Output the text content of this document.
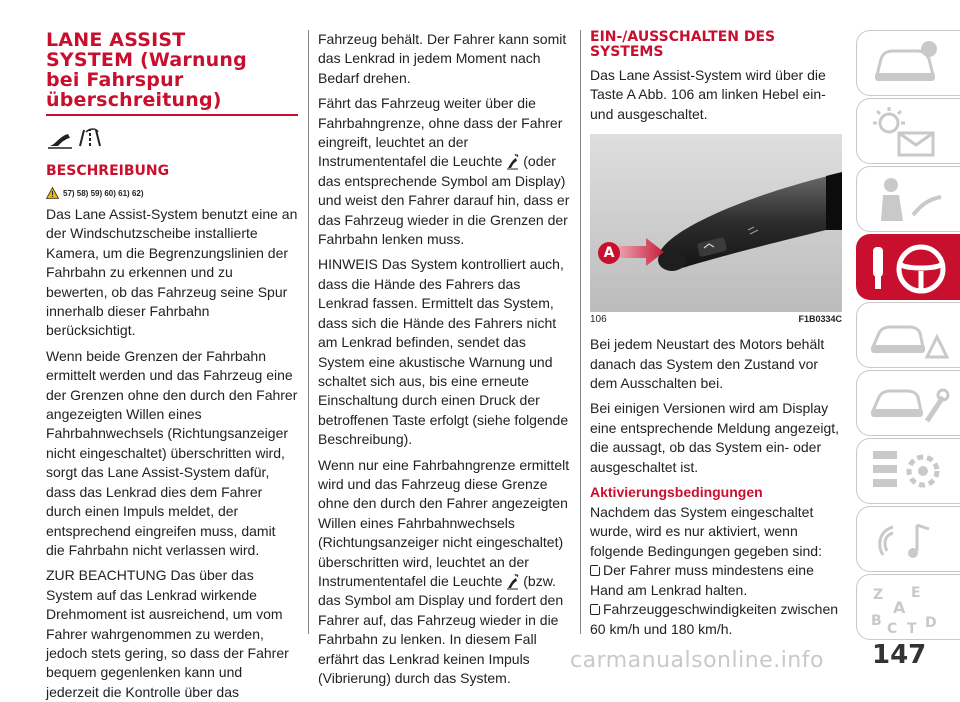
LANE ASSIST
SYSTEM (Warnung
bei Fahrspur
überschreitung)
BESCHREIBUNG
57) 58) 59) 60) 61) 62)

Das Lane Assist-System benutzt eine an der Windschutzscheibe installierte Kamera, um die Begrenzungslinien der Fahrbahn zu erkennen und zu bewerten, ob das Fahrzeug seine Spur innerhalb dieser Fahrbahn berücksichtigt.

Wenn beide Grenzen der Fahrbahn ermittelt werden und das Fahrzeug eine der Grenzen ohne den durch den Fahrer angezeigten Willen eines Fahrbahnwechsels (Richtungsanzeiger nicht eingeschaltet) überschritten wird, sorgt das Lane Assist-System dafür, dass das Lenkrad dies dem Fahrer durch einen Impuls meldet, der entsprechend eingreifen muss, damit die Fahrbahn nicht verlassen wird.

ZUR BEACHTUNG Das über das System auf das Lenkrad wirkende Drehmoment ist ausreichend, um vom Fahrer wahrgenommen zu werden, jedoch stets gering, so dass der Fahrer bequem gegenlenken kann und jederzeit die Kontrolle über das

Fahrzeug behält. Der Fahrer kann somit das Lenkrad in jedem Moment nach Bedarf drehen.

Fährt das Fahrzeug weiter über die Fahrbahngrenze, ohne dass der Fahrer eingreift, leuchtet an der Instrumententafel die Leuchte (oder das entsprechende Symbol am Display) und weist den Fahrer darauf hin, dass er das Fahrzeug wieder in die Grenzen der Fahrbahn lenken muss.

HINWEIS Das System kontrolliert auch, dass die Hände des Fahrers das Lenkrad fassen. Ermittelt das System, dass sich die Hände des Fahrers nicht am Lenkrad befinden, sendet das System eine akustische Warnung und schaltet sich aus, bis eine erneute Einschaltung durch einen Druck der betroffenen Taste erfolgt (siehe folgende Beschreibung).

Wenn nur eine Fahrbahngrenze ermittelt wird und das Fahrzeug diese Grenze ohne den durch den Fahrer angezeigten Willen eines Fahrbahnwechsels (Richtungsanzeiger nicht eingeschaltet) überschritten wird, leuchtet an der Instrumententafel die Leuchte (bzw. das Symbol am Display und fordert den Fahrer auf, das Fahrzeug wieder in die Fahrbahn zu lenken. In diesem Fall erfährt das Lenkrad keinen Impuls (Vibrierung) durch das System.

EIN-/AUSSCHALTEN DES
SYSTEMS

Das Lane Assist-System wird über die Taste A Abb. 106 am linken Hebel ein- und ausgeschaltet.

A
106	F1B0334C

Bei jedem Neustart des Motors behält danach das System den Zustand vor dem Ausschalten bei.

Bei einigen Versionen wird am Display eine entsprechende Meldung angezeigt, die aussagt, ob das System ein- oder ausgeschaltet ist.

Aktivierungsbedingungen

Nachdem das System eingeschaltet wurde, wird es nur aktiviert, wenn folgende Bedingungen gegeben sind:

Der Fahrer muss mindestens eine Hand am Lenkrad halten.

Fahrzeuggeschwindigkeiten zwischen 60 km/h und 180 km/h.

Z E
A
B C T D
carmanualsonline.info 147
